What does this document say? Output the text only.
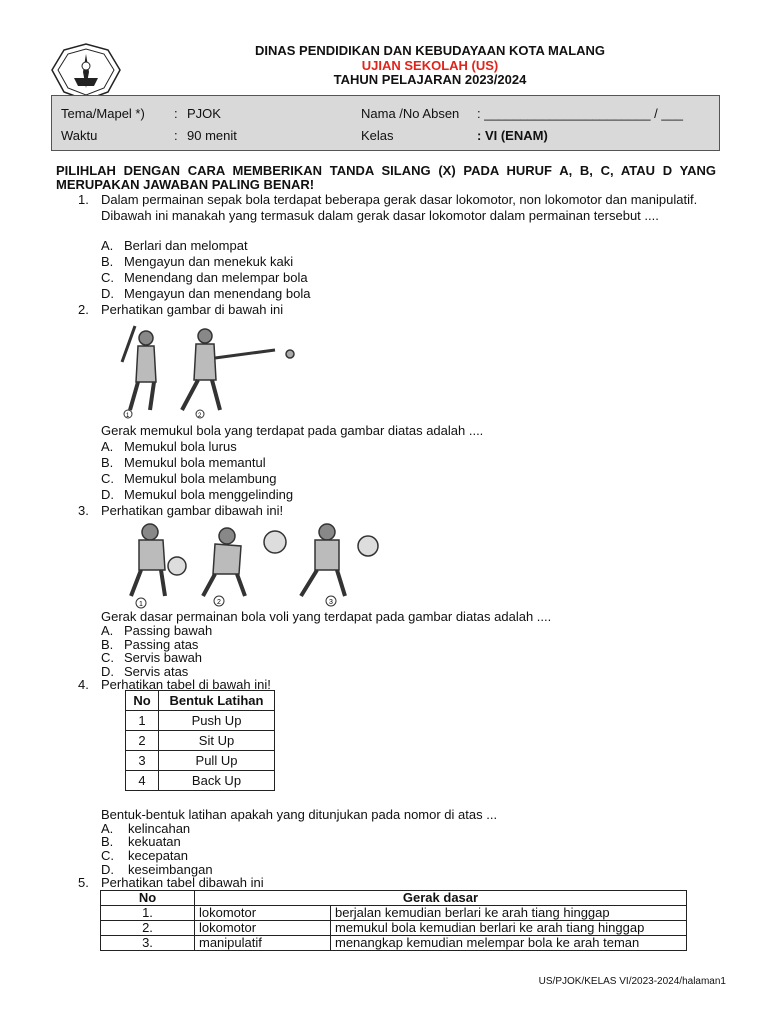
DINAS PENDIDIKAN DAN KEBUDAYAAN KOTA MALANG
UJIAN SEKOLAH (US)
TAHUN PELAJARAN 2023/2024
Tema/Mapel *) : PJOK	Nama /No Absen : _______________________ / ___
Waktu	: 90 menit	Kelas	: VI (ENAM)
PILIHLAH DENGAN CARA MEMBERIKAN TANDA SILANG (X) PADA HURUF A, B, C, ATAU D YANG MERUPAKAN JAWABAN PALING BENAR!
1. Dalam permainan sepak bola terdapat beberapa gerak dasar lokomotor, non lokomotor dan manipulatif. Dibawah ini manakah yang termasuk dalam gerak dasar lokomotor dalam permainan tersebut ....
A. Berlari dan melompat
B. Mengayun dan menekuk kaki
C. Menendang dan melempar bola
D. Mengayun dan menendang bola
2. Perhatikan gambar di bawah ini
1	2
Gerak memukul bola yang terdapat pada gambar diatas adalah ....
A. Memukul bola lurus
B. Memukul bola memantul
C. Memukul bola melambung
D. Memukul bola menggelinding
3. Perhatikan gambar dibawah ini!
1	2	3
Gerak dasar permainan bola voli yang terdapat pada gambar diatas adalah ....
A. Passing bawah
B. Passing atas
C. Servis bawah
D. Servis atas
4. Perhatikan tabel di bawah ini!
No	Bentuk Latihan
1	Push Up
2	Sit Up
3	Pull Up
4	Back Up
Bentuk-bentuk latihan apakah yang ditunjukan pada nomor di atas ...
A. kelincahan
B. kekuatan
C. kecepatan
D. keseimbangan
5. Perhatikan tabel dibawah ini
No	Gerak dasar	
1.	lokomotor	berjalan kemudian berlari ke arah tiang hinggap
2.	lokomotor	memukul bola kemudian berlari ke arah tiang hinggap
3.	manipulatif	menangkap kemudian melempar bola ke arah teman
US/PJOK/KELAS VI/2023-2024/halaman1
